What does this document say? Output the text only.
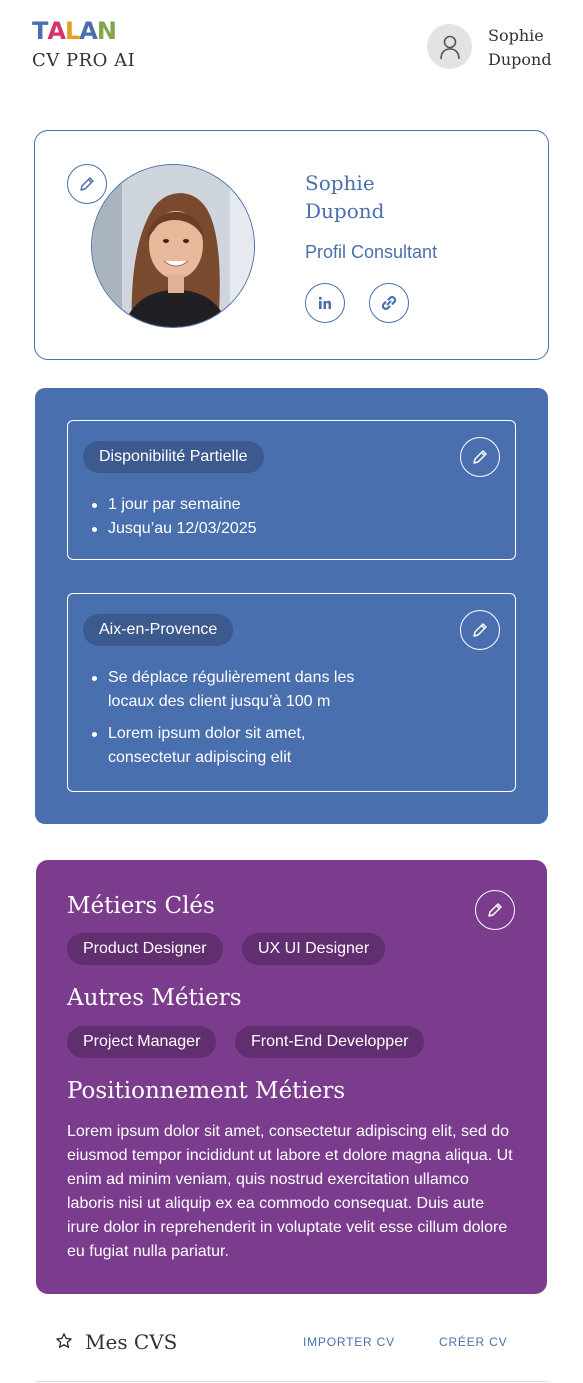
TALAN
CV PRO AI
Sophie
Dupond
Sophie
Dupond
Profil Consultant
Disponibilité Partielle
1 jour par semaine
Jusqu’au 12/03/2025
Aix-en-Provence
Se déplace régulièrement dans les locaux des client jusqu’à 100 m
Lorem ipsum dolor sit amet, consectetur adipiscing elit
Métiers Clés
Product Designer	UX UI Designer
Autres Métiers
Project Manager	Front-End Developper
Positionnement Métiers
Lorem ipsum dolor sit amet, consectetur adipiscing elit, sed do eiusmod tempor incididunt ut labore et dolore magna aliqua. Ut enim ad minim veniam, quis nostrud exercitation ullamco laboris nisi ut aliquip ex ea commodo consequat. Duis aute irure dolor in reprehenderit in voluptate velit esse cillum dolore eu fugiat nulla pariatur.
Mes CVS	IMPORTER CV	CRÉER CV
